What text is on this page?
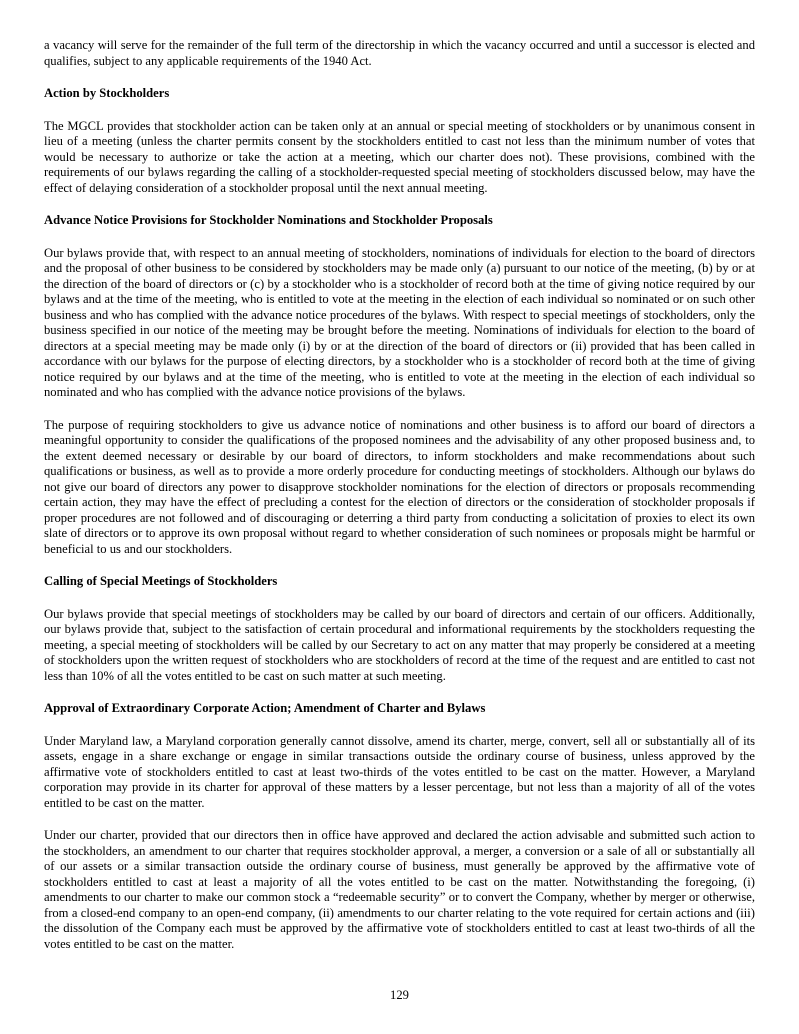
a vacancy will serve for the remainder of the full term of the directorship in which the vacancy occurred and until a successor is elected and qualifies, subject to any applicable requirements of the 1940 Act.

Action by Stockholders

The MGCL provides that stockholder action can be taken only at an annual or special meeting of stockholders or by unanimous consent in lieu of a meeting (unless the charter permits consent by the stockholders entitled to cast not less than the minimum number of votes that would be necessary to authorize or take the action at a meeting, which our charter does not). These provisions, combined with the requirements of our bylaws regarding the calling of a stockholder-requested special meeting of stockholders discussed below, may have the effect of delaying consideration of a stockholder proposal until the next annual meeting.

Advance Notice Provisions for Stockholder Nominations and Stockholder Proposals

Our bylaws provide that, with respect to an annual meeting of stockholders, nominations of individuals for election to the board of directors and the proposal of other business to be considered by stockholders may be made only (a) pursuant to our notice of the meeting, (b) by or at the direction of the board of directors or (c) by a stockholder who is a stockholder of record both at the time of giving notice required by our bylaws and at the time of the meeting, who is entitled to vote at the meeting in the election of each individual so nominated or on such other business and who has complied with the advance notice procedures of the bylaws. With respect to special meetings of stockholders, only the business specified in our notice of the meeting may be brought before the meeting. Nominations of individuals for election to the board of directors at a special meeting may be made only (i) by or at the direction of the board of directors or (ii) provided that has been called in accordance with our bylaws for the purpose of electing directors, by a stockholder who is a stockholder of record both at the time of giving notice required by our bylaws and at the time of the meeting, who is entitled to vote at the meeting in the election of each individual so nominated and who has complied with the advance notice provisions of the bylaws.

The purpose of requiring stockholders to give us advance notice of nominations and other business is to afford our board of directors a meaningful opportunity to consider the qualifications of the proposed nominees and the advisability of any other proposed business and, to the extent deemed necessary or desirable by our board of directors, to inform stockholders and make recommendations about such qualifications or business, as well as to provide a more orderly procedure for conducting meetings of stockholders. Although our bylaws do not give our board of directors any power to disapprove stockholder nominations for the election of directors or proposals recommending certain action, they may have the effect of precluding a contest for the election of directors or the consideration of stockholder proposals if proper procedures are not followed and of discouraging or deterring a third party from conducting a solicitation of proxies to elect its own slate of directors or to approve its own proposal without regard to whether consideration of such nominees or proposals might be harmful or beneficial to us and our stockholders.

Calling of Special Meetings of Stockholders

Our bylaws provide that special meetings of stockholders may be called by our board of directors and certain of our officers. Additionally, our bylaws provide that, subject to the satisfaction of certain procedural and informational requirements by the stockholders requesting the meeting, a special meeting of stockholders will be called by our Secretary to act on any matter that may properly be considered at a meeting of stockholders upon the written request of stockholders who are stockholders of record at the time of the request and are entitled to cast not less than 10% of all the votes entitled to be cast on such matter at such meeting.

Approval of Extraordinary Corporate Action; Amendment of Charter and Bylaws

Under Maryland law, a Maryland corporation generally cannot dissolve, amend its charter, merge, convert, sell all or substantially all of its assets, engage in a share exchange or engage in similar transactions outside the ordinary course of business, unless approved by the affirmative vote of stockholders entitled to cast at least two-thirds of the votes entitled to be cast on the matter. However, a Maryland corporation may provide in its charter for approval of these matters by a lesser percentage, but not less than a majority of all of the votes entitled to be cast on the matter.

Under our charter, provided that our directors then in office have approved and declared the action advisable and submitted such action to the stockholders, an amendment to our charter that requires stockholder approval, a merger, a conversion or a sale of all or substantially all of our assets or a similar transaction outside the ordinary course of business, must generally be approved by the affirmative vote of stockholders entitled to cast at least a majority of all the votes entitled to be cast on the matter. Notwithstanding the foregoing, (i) amendments to our charter to make our common stock a “redeemable security” or to convert the Company, whether by merger or otherwise, from a closed-end company to an open-end company, (ii) amendments to our charter relating to the vote required for certain actions and (iii) the dissolution of the Company each must be approved by the affirmative vote of stockholders entitled to cast at least two-thirds of all the votes entitled to be cast on the matter.

129
